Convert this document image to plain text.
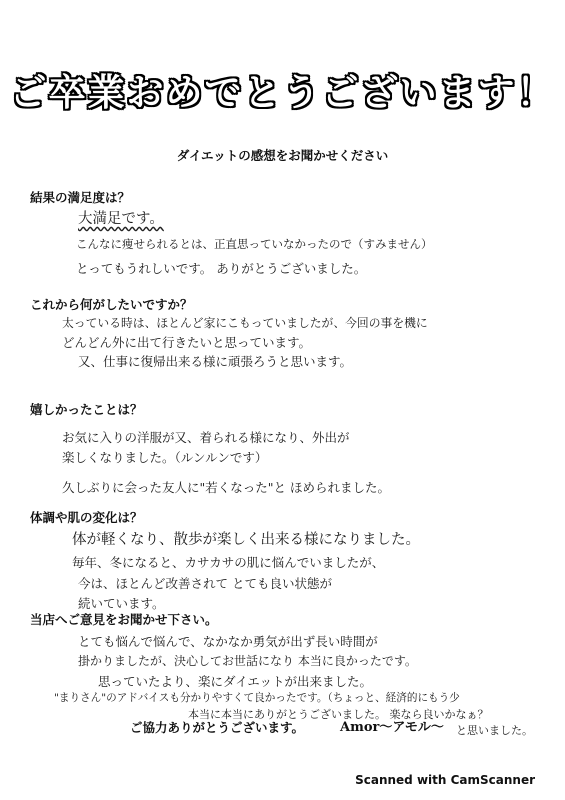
ご卒業おめでとうございます！
ダイエットの感想をお聞かせください
結果の満足度は？
大満足です。
こんなに痩せられるとは、正直思っていなかったので（すみません）
とってもうれしいです。 ありがとうございました。
これから何がしたいですか？
太っている時は、ほとんど家にこもっていましたが、今回の事を機に
どんどん外に出て行きたいと思っています。
又、仕事に復帰出来る様に頑張ろうと思います。
嬉しかったことは？
お気に入りの洋服が又、着られる様になり、外出が
楽しくなりました。（ルンルンです）
久しぶりに会った友人に"若くなった"と ほめられました。
体調や肌の変化は？
体が軽くなり、散歩が楽しく出来る様になりました。
毎年、冬になると、カサカサの肌に悩んでいましたが、
今は、ほとんど改善されて とても良い状態が
続いています。
当店へご意見をお聞かせ下さい。
とても悩んで悩んで、なかなか勇気が出ず長い時間が
掛かりましたが、決心してお世話になり 本当に良かったです。
思っていたより、楽にダイエットが出来ました。
"まりさん"のアドバイスも分かりやすくて良かったです。（ちょっと、経済的にもう少
本当に本当にありがとうございました。 楽なら良いかなぁ？
と思いました。
ご協力ありがとうございます。	Amor〜アモル〜
Scanned with CamScanner
